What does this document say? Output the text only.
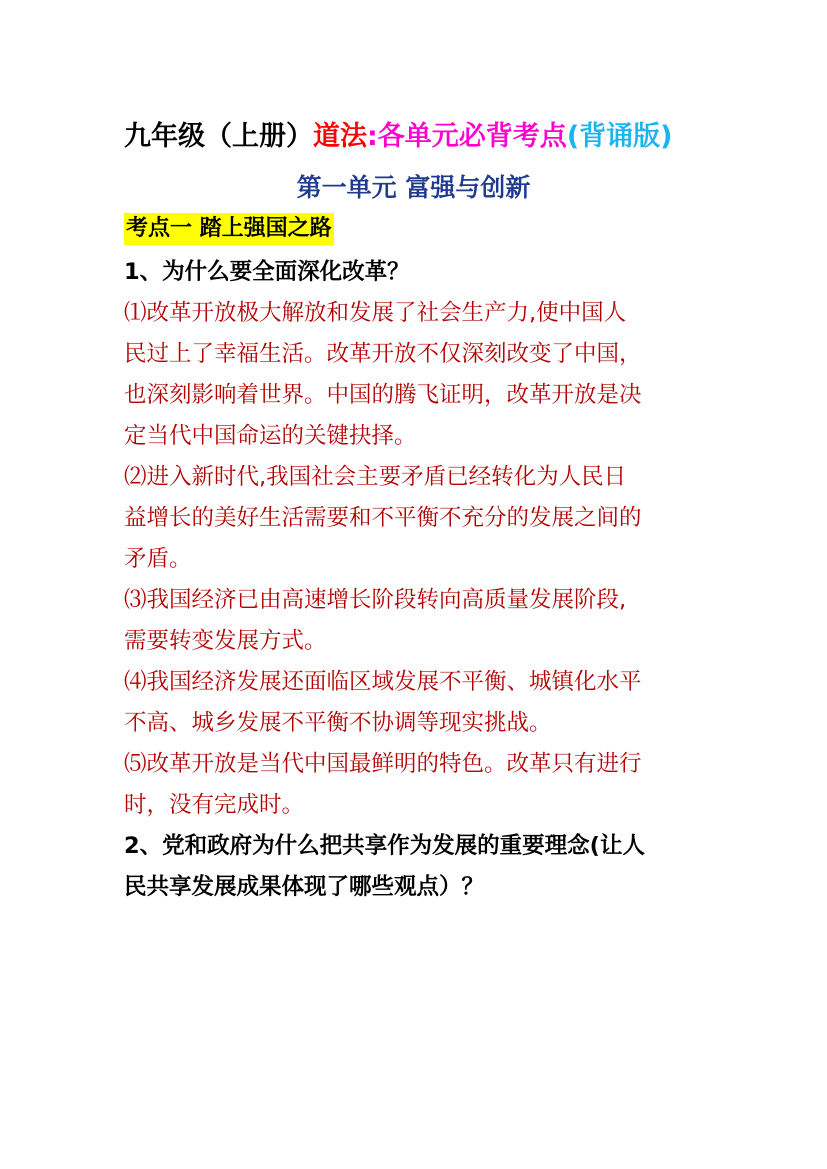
九年级（上册）道法:各单元必背考点(背诵版)
第一单元 富强与创新
考点一 踏上强国之路
1、为什么要全面深化改革？
⑴改革开放极大解放和发展了社会生产力,使中国人
民过上了幸福生活。改革开放不仅深刻改变了中国，
也深刻影响着世界。中国的腾飞证明，改革开放是决
定当代中国命运的关键抉择。
⑵进入新时代,我国社会主要矛盾已经转化为人民日
益增长的美好生活需要和不平衡不充分的发展之间的
矛盾。
⑶我国经济已由高速增长阶段转向高质量发展阶段,
需要转变发展方式。
⑷我国经济发展还面临区域发展不平衡、城镇化水平
不高、城乡发展不平衡不协调等现实挑战。
⑸改革开放是当代中国最鲜明的特色。改革只有进行
时，没有完成时。
2、党和政府为什么把共享作为发展的重要理念(让人
民共享发展成果体现了哪些观点）？
